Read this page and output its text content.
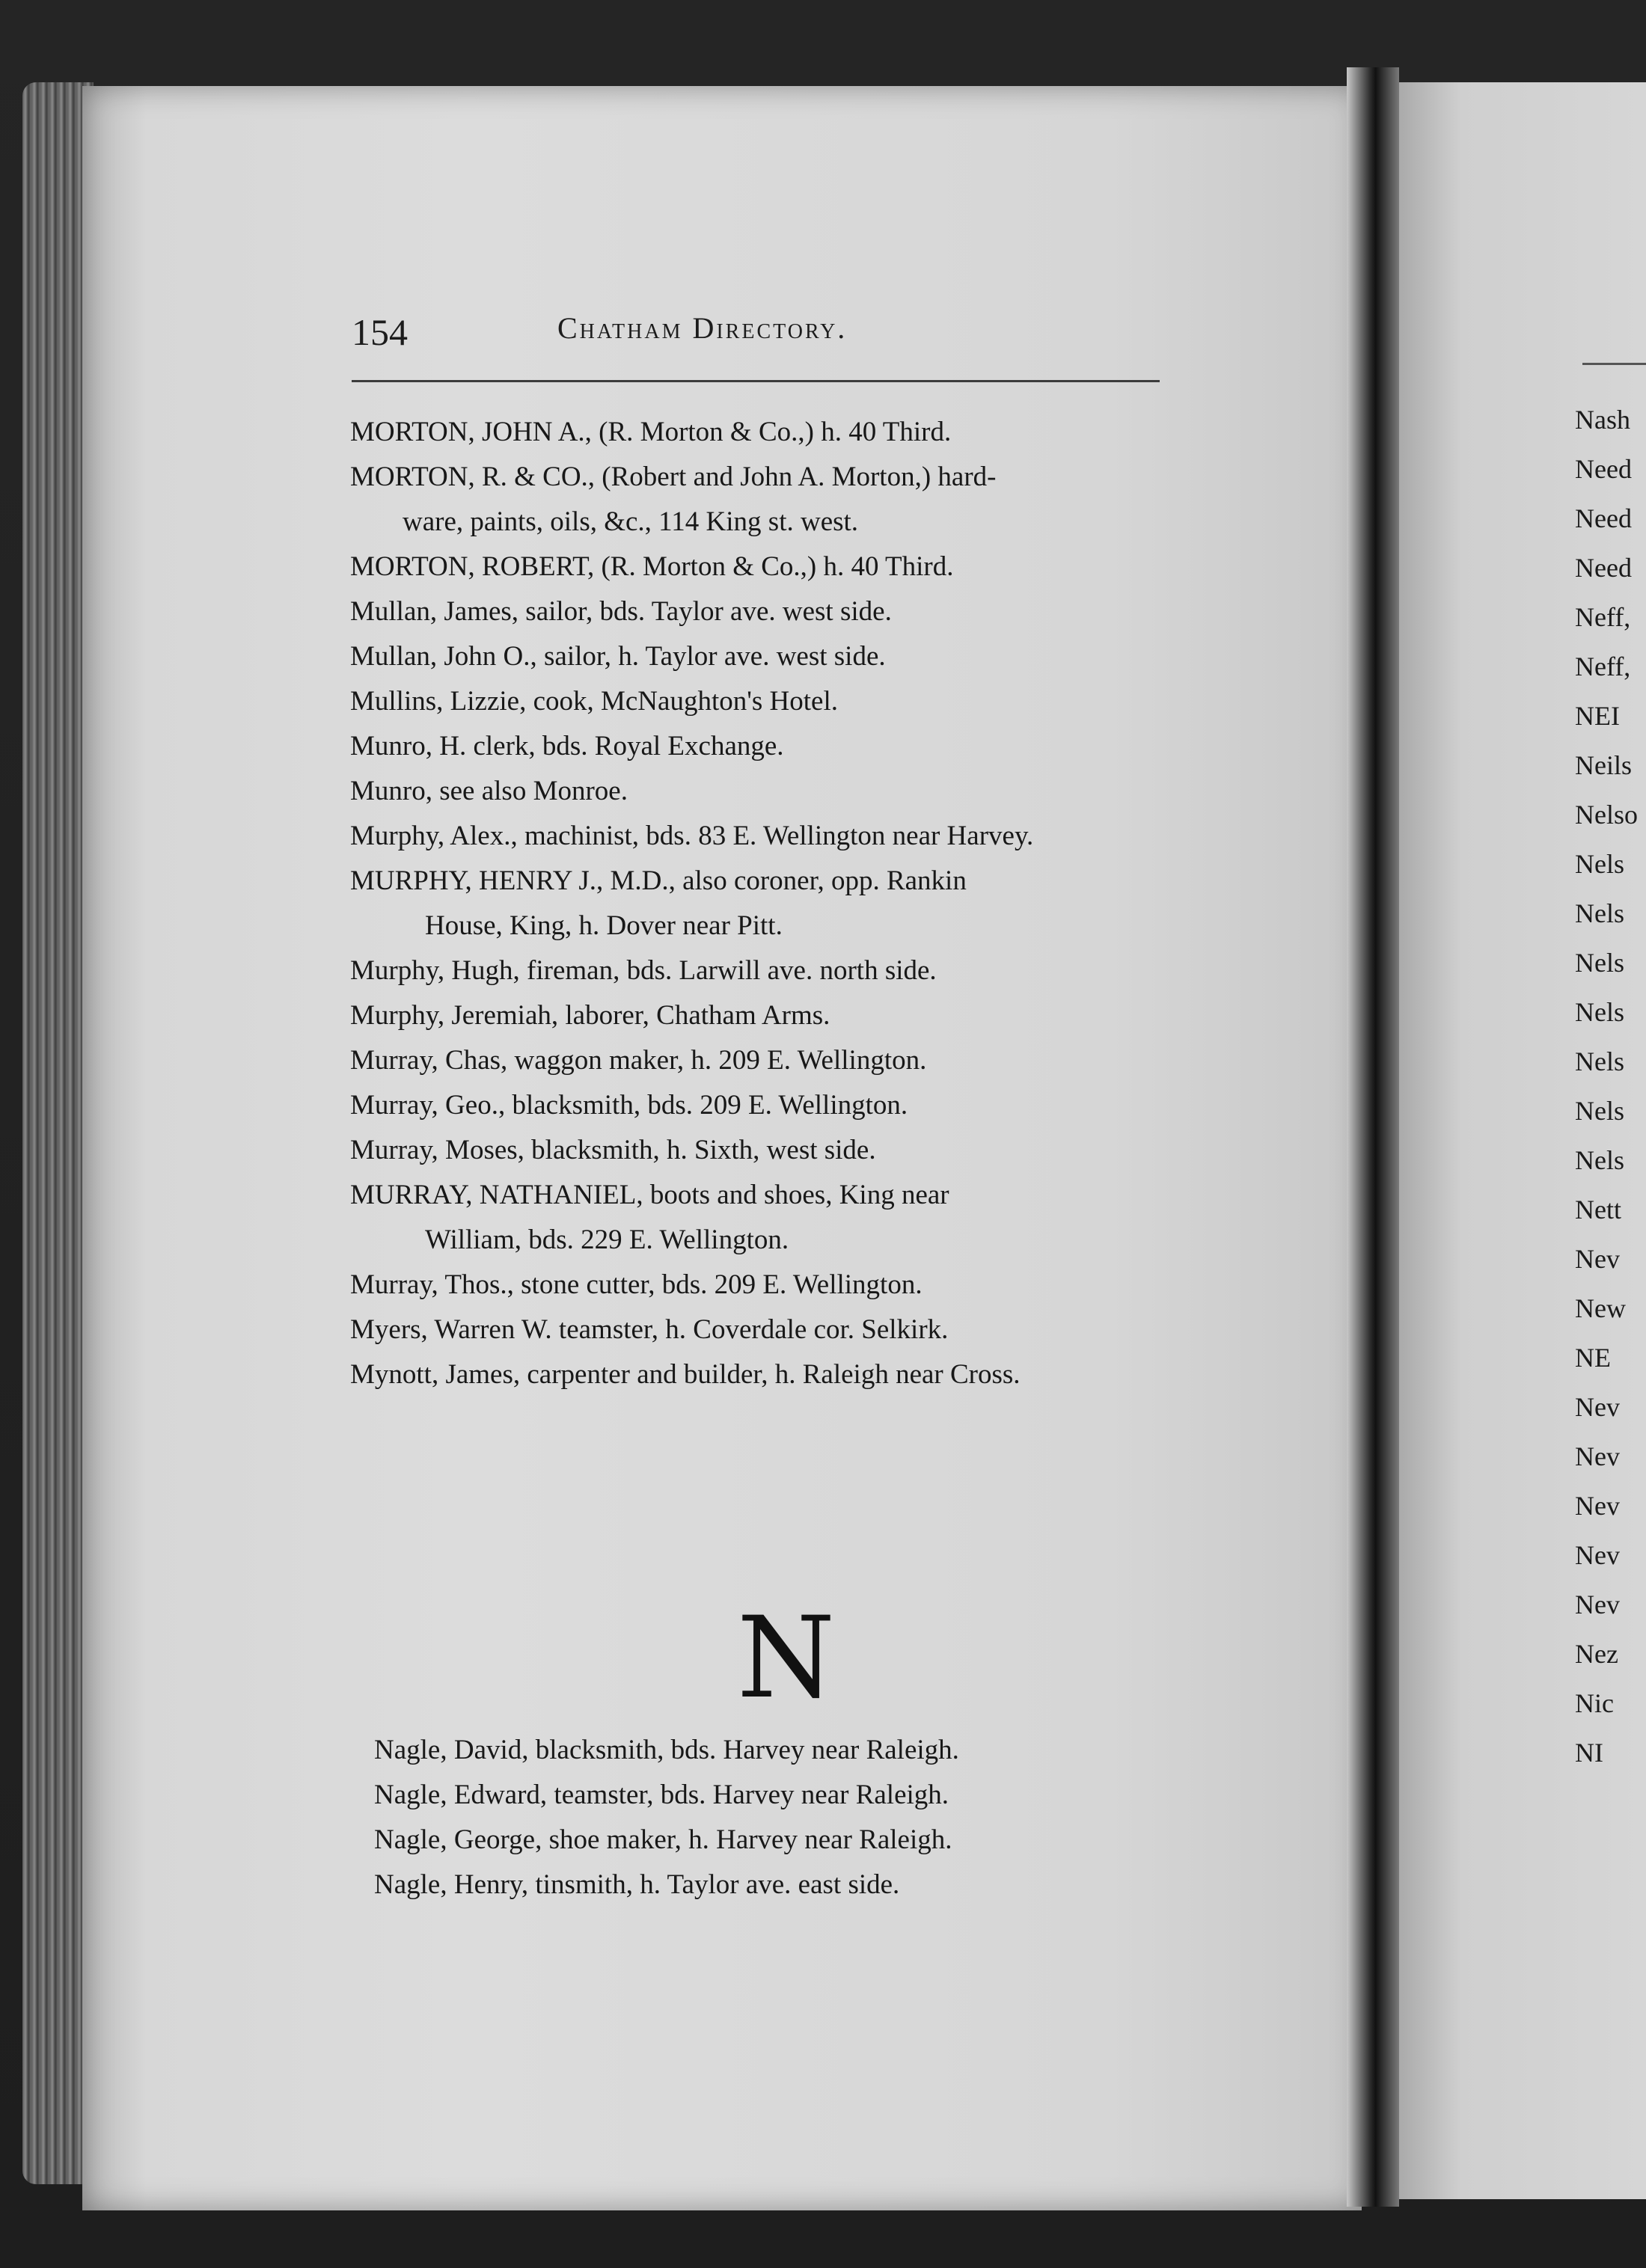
154	Chatham Directory.
MORTON, JOHN A., (R. Morton & Co.,) h. 40 Third.
MORTON, R. & CO., (Robert and John A. Morton,) hard-
ware, paints, oils, &c., 114 King st. west.
MORTON, ROBERT, (R. Morton & Co.,) h. 40 Third.
Mullan, James, sailor, bds. Taylor ave. west side.
Mullan, John O., sailor, h. Taylor ave. west side.
Mullins, Lizzie, cook, McNaughton's Hotel.
Munro, H. clerk, bds. Royal Exchange.
Munro, see also Monroe.
Murphy, Alex., machinist, bds. 83 E. Wellington near Harvey.
MURPHY, HENRY J., M.D., also coroner, opp. Rankin
House, King, h. Dover near Pitt.
Murphy, Hugh, fireman, bds. Larwill ave. north side.
Murphy, Jeremiah, laborer, Chatham Arms.
Murray, Chas, waggon maker, h. 209 E. Wellington.
Murray, Geo., blacksmith, bds. 209 E. Wellington.
Murray, Moses, blacksmith, h. Sixth, west side.
MURRAY, NATHANIEL, boots and shoes, King near
William, bds. 229 E. Wellington.
Murray, Thos., stone cutter, bds. 209 E. Wellington.
Myers, Warren W. teamster, h. Coverdale cor. Selkirk.
Mynott, James, carpenter and builder, h. Raleigh near Cross.
N
Nagle, David, blacksmith, bds. Harvey near Raleigh.
Nagle, Edward, teamster, bds. Harvey near Raleigh.
Nagle, George, shoe maker, h. Harvey near Raleigh.
Nagle, Henry, tinsmith, h. Taylor ave. east side.
Nash
Need
Need
Need
Neff,
Neff,
NEI
Neils
Nelso
Nels
Nels
Nels
Nels
Nels
Nels
Nels
Nett
Nev
New
NE
Nev
Nev
Nev
Nev
Nev
Nez
Nic
NI
